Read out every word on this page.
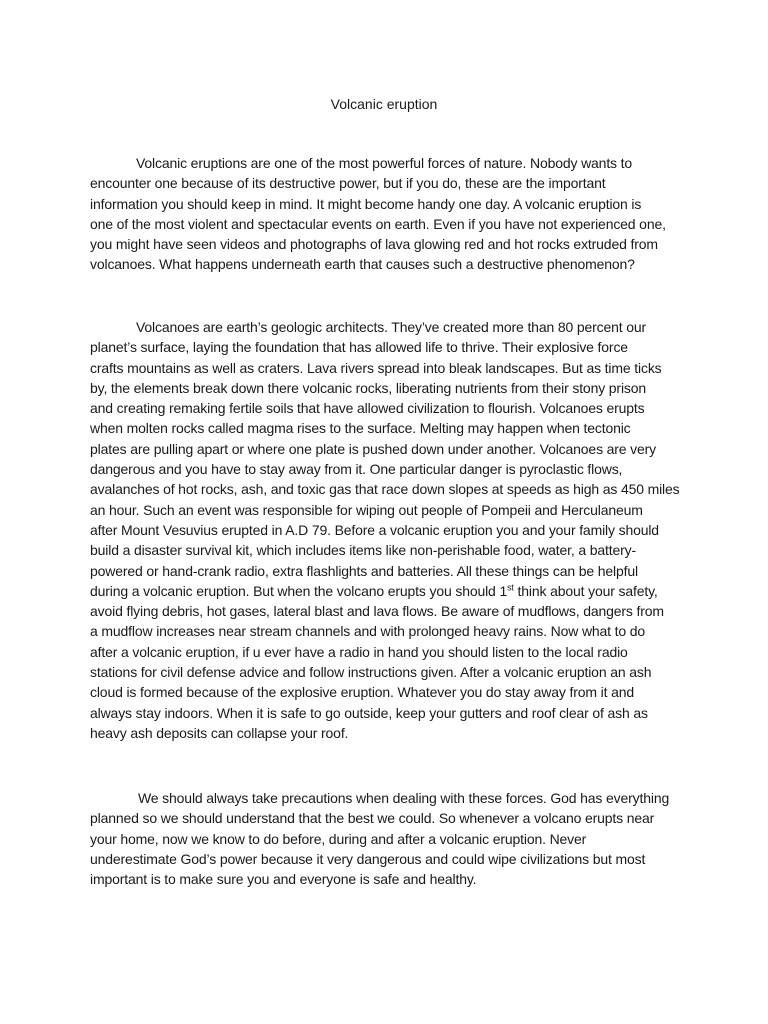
Volcanic eruption

Volcanic eruptions are one of the most powerful forces of nature. Nobody wants to
encounter one because of its destructive power, but if you do, these are the important
information you should keep in mind. It might become handy one day. A volcanic eruption is
one of the most violent and spectacular events on earth. Even if you have not experienced one,
you might have seen videos and photographs of lava glowing red and hot rocks extruded from
volcanoes. What happens underneath earth that causes such a destructive phenomenon?

Volcanoes are earth’s geologic architects. They’ve created more than 80 percent our
planet’s surface, laying the foundation that has allowed life to thrive. Their explosive force
crafts mountains as well as craters. Lava rivers spread into bleak landscapes. But as time ticks
by, the elements break down there volcanic rocks, liberating nutrients from their stony prison
and creating remaking fertile soils that have allowed civilization to flourish. Volcanoes erupts
when molten rocks called magma rises to the surface. Melting may happen when tectonic
plates are pulling apart or where one plate is pushed down under another. Volcanoes are very
dangerous and you have to stay away from it. One particular danger is pyroclastic flows,
avalanches of hot rocks, ash, and toxic gas that race down slopes at speeds as high as 450 miles
an hour. Such an event was responsible for wiping out people of Pompeii and Herculaneum
after Mount Vesuvius erupted in A.D 79. Before a volcanic eruption you and your family should
build a disaster survival kit, which includes items like non-perishable food, water, a battery-
powered or hand-crank radio, extra flashlights and batteries. All these things can be helpful
during a volcanic eruption. But when the volcano erupts you should 1st think about your safety,
avoid flying debris, hot gases, lateral blast and lava flows. Be aware of mudflows, dangers from
a mudflow increases near stream channels and with prolonged heavy rains. Now what to do
after a volcanic eruption, if u ever have a radio in hand you should listen to the local radio
stations for civil defense advice and follow instructions given. After a volcanic eruption an ash
cloud is formed because of the explosive eruption. Whatever you do stay away from it and
always stay indoors. When it is safe to go outside, keep your gutters and roof clear of ash as
heavy ash deposits can collapse your roof.

We should always take precautions when dealing with these forces. God has everything
planned so we should understand that the best we could. So whenever a volcano erupts near
your home, now we know to do before, during and after a volcanic eruption. Never
underestimate God’s power because it very dangerous and could wipe civilizations but most
important is to make sure you and everyone is safe and healthy.
